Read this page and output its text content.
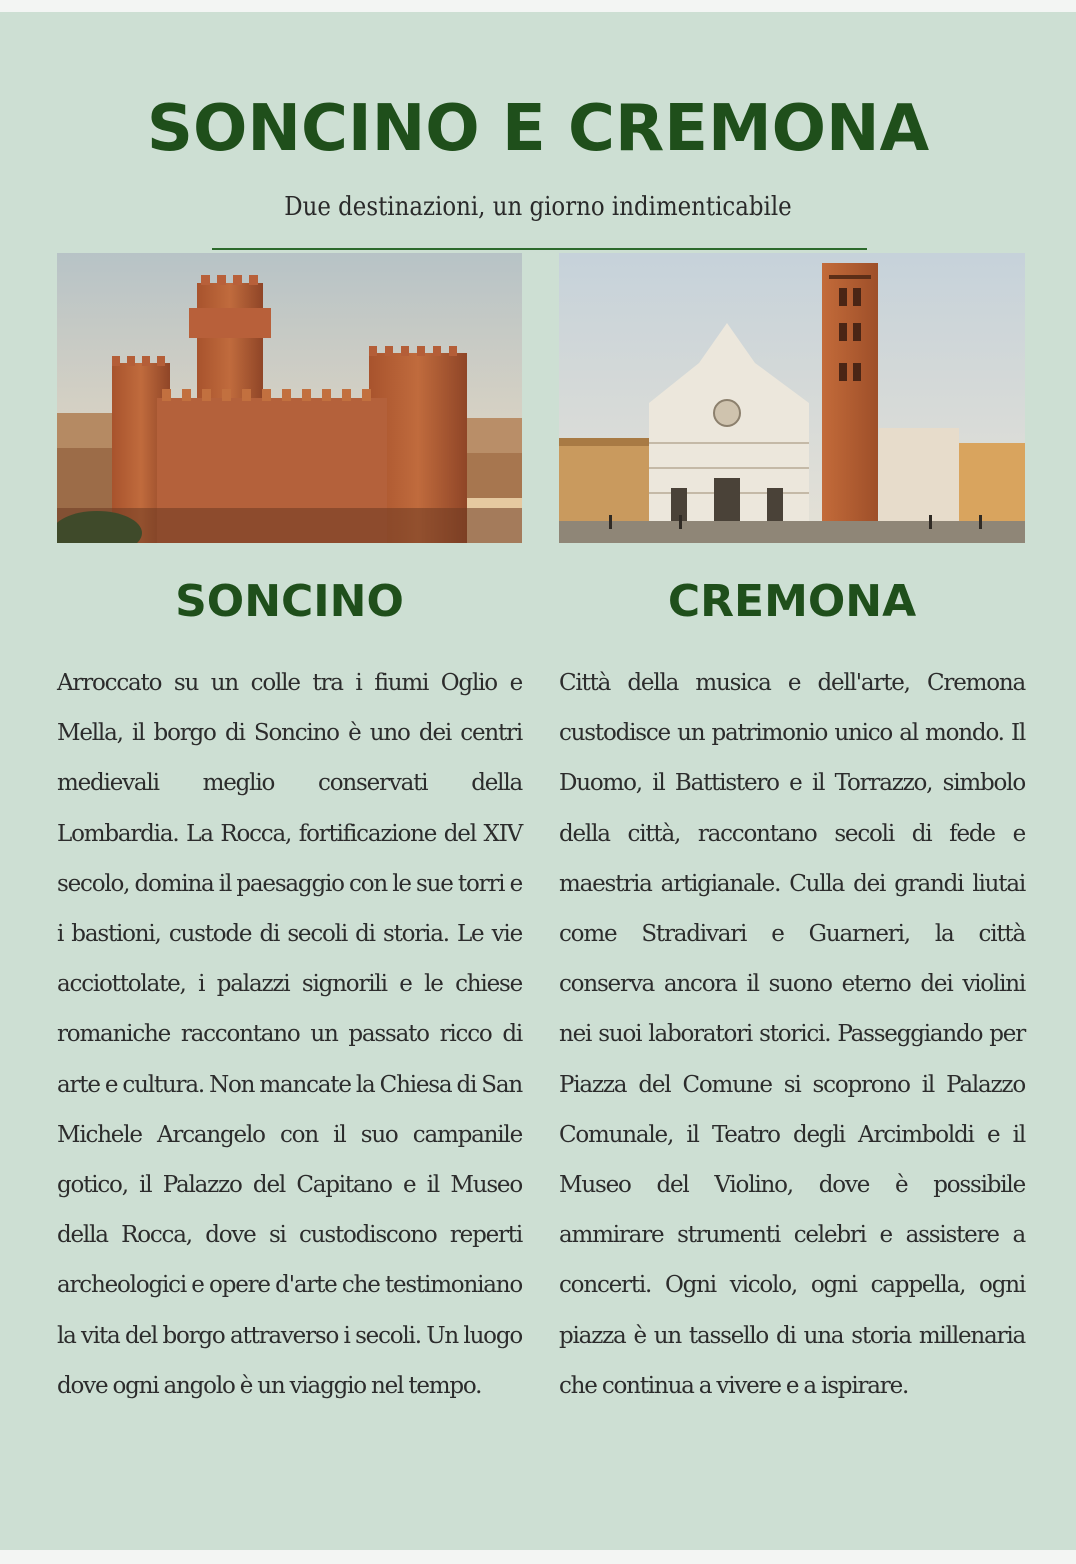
SONCINO E CREMONA
Due destinazioni, un giorno indimenticabile
SONCINO	CREMONA

Arroccato su un colle tra i fiumi Oglio e Mella, il borgo di Soncino è uno dei centri medievali meglio conservati della Lombardia. La Rocca, fortificazione del XIV secolo, domina il paesaggio con le sue torri e i bastioni, custode di secoli di storia. Le vie acciottolate, i palazzi signorili e le chiese romaniche raccontano un passato ricco di arte e cultura. Non mancate la Chiesa di San Michele Arcangelo con il suo campanile gotico, il Palazzo del Capitano e il Museo della Rocca, dove si custodiscono reperti archeologici e opere d'arte che testimoniano la vita del borgo attraverso i secoli. Un luogo dove ogni angolo è un viaggio nel tempo.

Città della musica e dell'arte, Cremona custodisce un patrimonio unico al mondo. Il Duomo, il Battistero e il Torrazzo, simbolo della città, raccontano secoli di fede e maestria artigianale. Culla dei grandi liutai come Stradivari e Guarneri, la città conserva ancora il suono eterno dei violini nei suoi laboratori storici. Passeggiando per Piazza del Comune si scoprono il Palazzo Comunale, il Teatro degli Arcimboldi e il Museo del Violino, dove è possibile ammirare strumenti celebri e assistere a concerti. Ogni vicolo, ogni cappella, ogni piazza è un tassello di una storia millenaria che continua a vivere e a ispirare.
